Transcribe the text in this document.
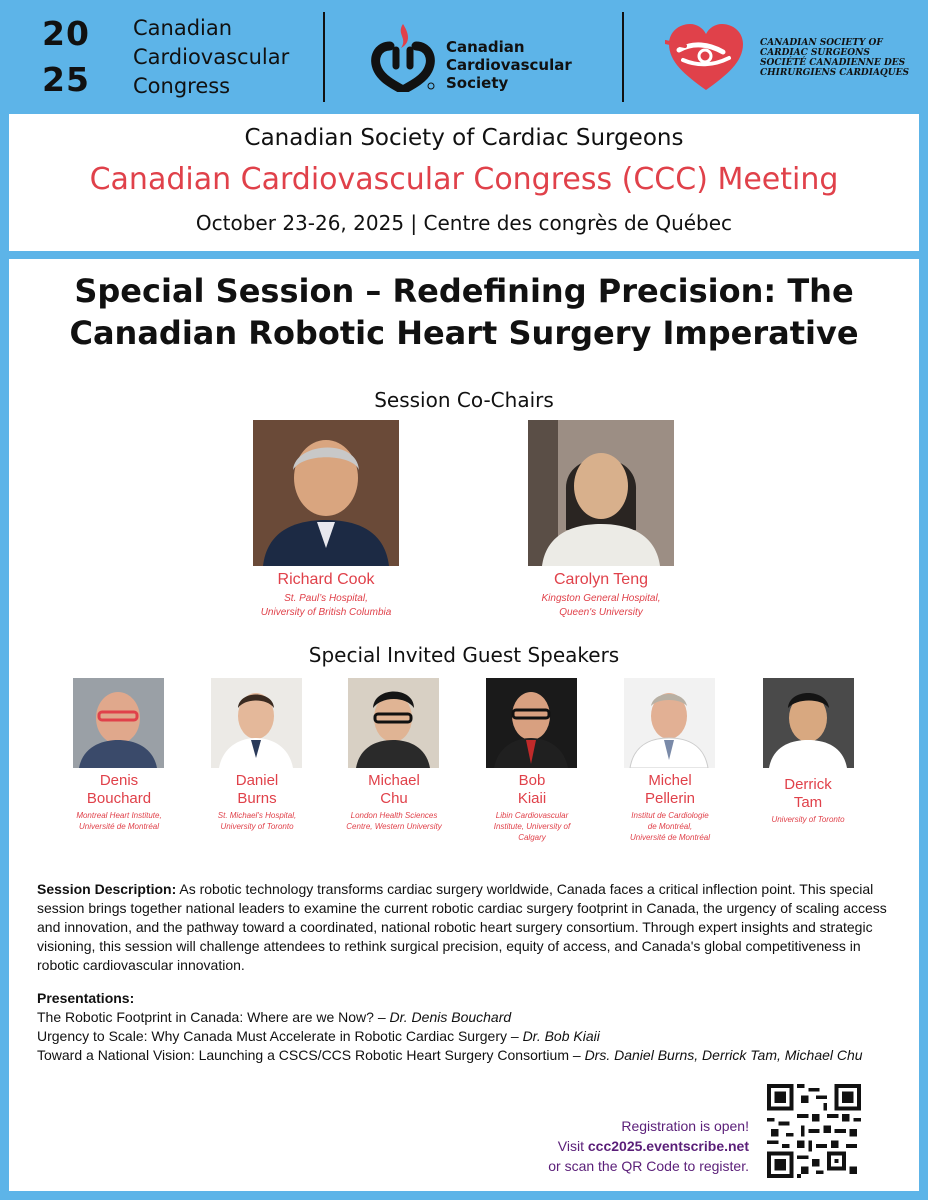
20
25
Canadian
Cardiovascular
Congress
Canadian
Cardiovascular
Society
CANADIAN SOCIETY OF
CARDIAC SURGEONS
SOCIÉTÉ CANADIENNE DES
CHIRURGIENS CARDIAQUES
Canadian Society of Cardiac Surgeons
Canadian Cardiovascular Congress (CCC) Meeting
October 23-26, 2025 | Centre des congrès de Québec
Special Session – Redefining Precision: The
Canadian Robotic Heart Surgery Imperative
Session Co-Chairs
Richard Cook
St. Paul’s Hospital,
University of British Columbia
Carolyn Teng
Kingston General Hospital,
Queen's University
Special Invited Guest Speakers
Denis
Bouchard
Montreal Heart Institute,
Université de Montréal
Daniel
Burns
St. Michael's Hospital,
University of Toronto
Michael
Chu
London Health Sciences
Centre, Western University
Bob
Kiaii
Libin Cardiovascular
Institute, University of
Calgary
Michel
Pellerin
Institut de Cardiologie
de Montréal,
Université de Montréal
Derrick
Tam
University of Toronto
Session Description: As robotic technology transforms cardiac surgery worldwide, Canada faces a critical inflection point. This special session brings together national leaders to examine the current robotic cardiac surgery footprint in Canada, the urgency of scaling access and innovation, and the pathway toward a coordinated, national robotic heart surgery consortium. Through expert insights and strategic visioning, this session will challenge attendees to rethink surgical precision, equity of access, and Canada's global competitiveness in robotic cardiovascular innovation.
Presentations:
The Robotic Footprint in Canada: Where are we Now? – Dr. Denis Bouchard
Urgency to Scale: Why Canada Must Accelerate in Robotic Cardiac Surgery – Dr. Bob Kiaii
Toward a National Vision: Launching a CSCS/CCS Robotic Heart Surgery Consortium – Drs. Daniel Burns, Derrick Tam, Michael Chu
Registration is open!
Visit ccc2025.eventscribe.net
or scan the QR Code to register.
